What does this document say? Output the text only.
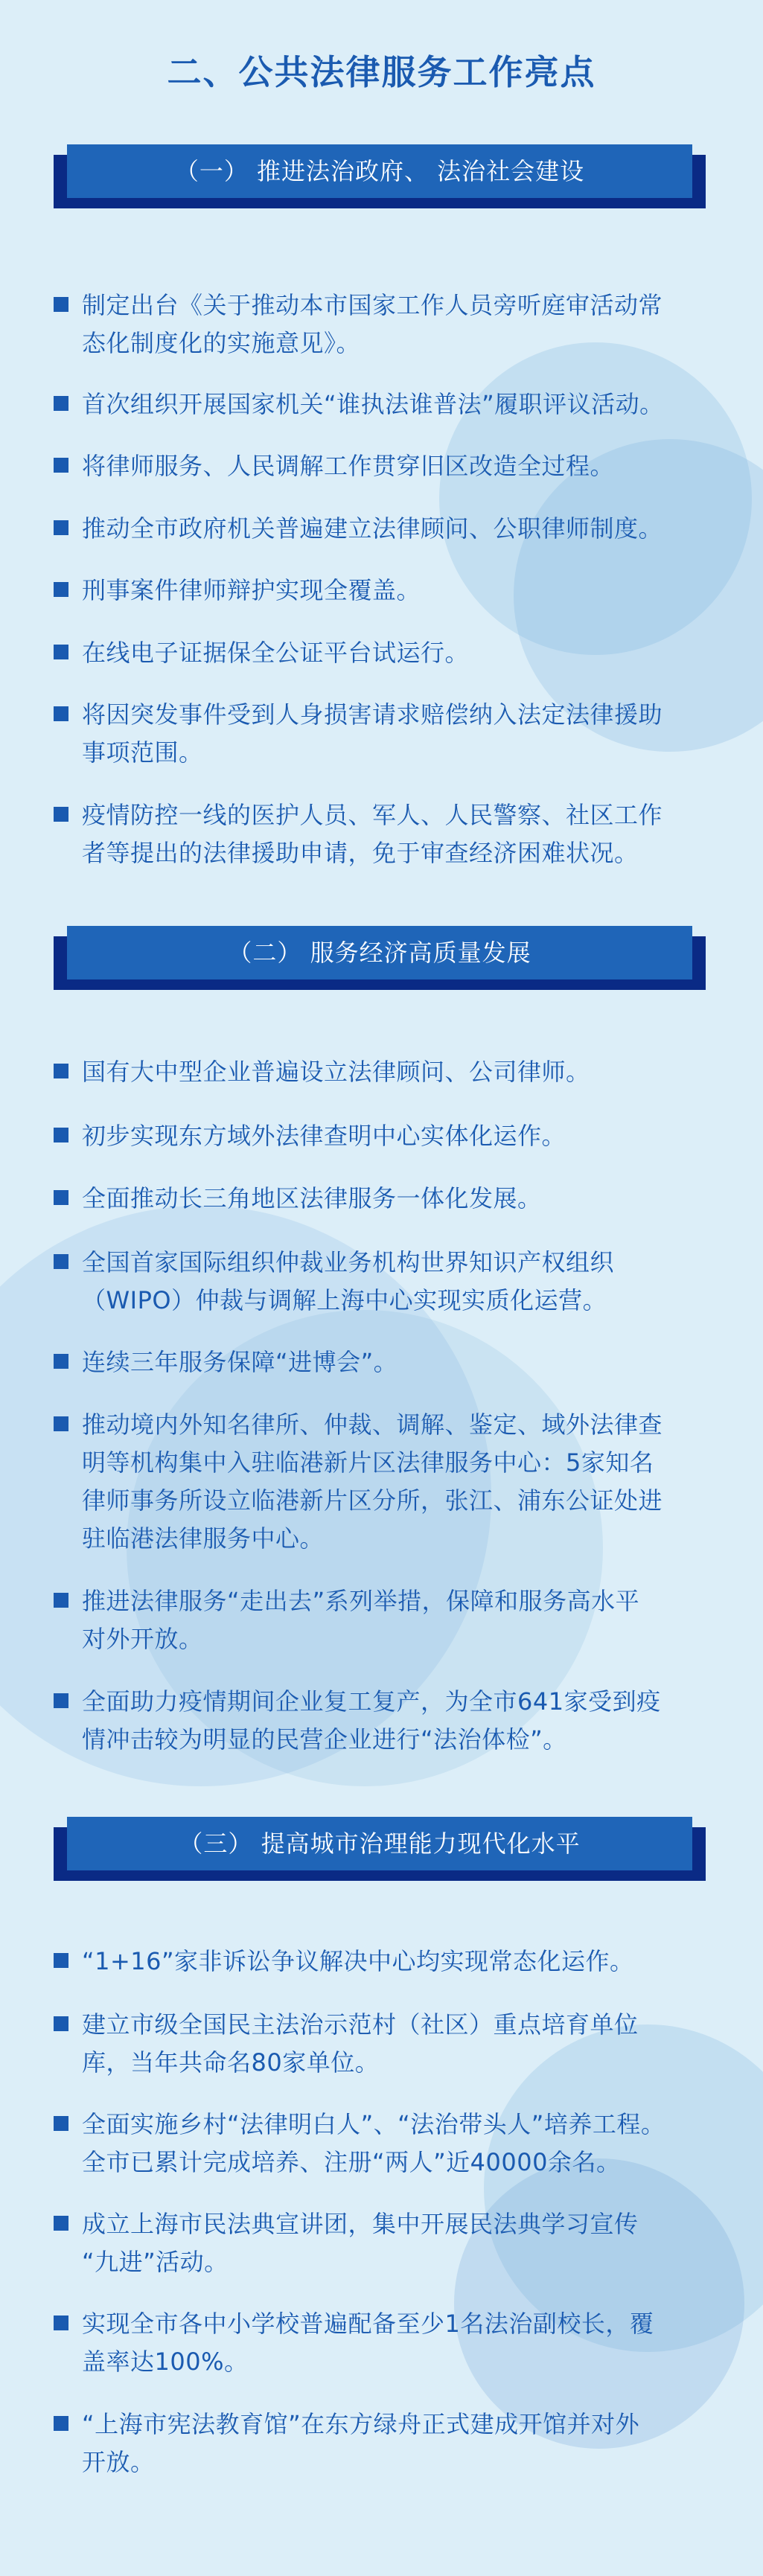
二、公共法律服务工作亮点
（一） 推进法治政府、 法治社会建设
制定出台《关于推动本市国家工作人员旁听庭审活动常
态化制度化的实施意见》。
首次组织开展国家机关“谁执法谁普法”履职评议活动。
将律师服务、人民调解工作贯穿旧区改造全过程。
推动全市政府机关普遍建立法律顾问、公职律师制度。
刑事案件律师辩护实现全覆盖。
在线电子证据保全公证平台试运行。
将因突发事件受到人身损害请求赔偿纳入法定法律援助
事项范围。
疫情防控一线的医护人员、军人、人民警察、社区工作
者等提出的法律援助申请，免于审查经济困难状况。
（二） 服务经济高质量发展
国有大中型企业普遍设立法律顾问、公司律师。
初步实现东方域外法律查明中心实体化运作。
全面推动长三角地区法律服务一体化发展。
全国首家国际组织仲裁业务机构世界知识产权组织
（WIPO）仲裁与调解上海中心实现实质化运营。
连续三年服务保障“进博会”。
推动境内外知名律所、仲裁、调解、鉴定、域外法律查
明等机构集中入驻临港新片区法律服务中心：5家知名
律师事务所设立临港新片区分所，张江、浦东公证处进
驻临港法律服务中心。
推进法律服务“走出去”系列举措，保障和服务高水平
对外开放。
全面助力疫情期间企业复工复产，为全市641家受到疫
情冲击较为明显的民营企业进行“法治体检”。
（三） 提高城市治理能力现代化水平
“1+16”家非诉讼争议解决中心均实现常态化运作。
建立市级全国民主法治示范村（社区）重点培育单位
库，当年共命名80家单位。
全面实施乡村“法律明白人”、“法治带头人”培养工程。
全市已累计完成培养、注册“两人”近40000余名。
成立上海市民法典宣讲团，集中开展民法典学习宣传
“九进”活动。
实现全市各中小学校普遍配备至少1名法治副校长，覆
盖率达100%。
“上海市宪法教育馆”在东方绿舟正式建成开馆并对外
开放。
